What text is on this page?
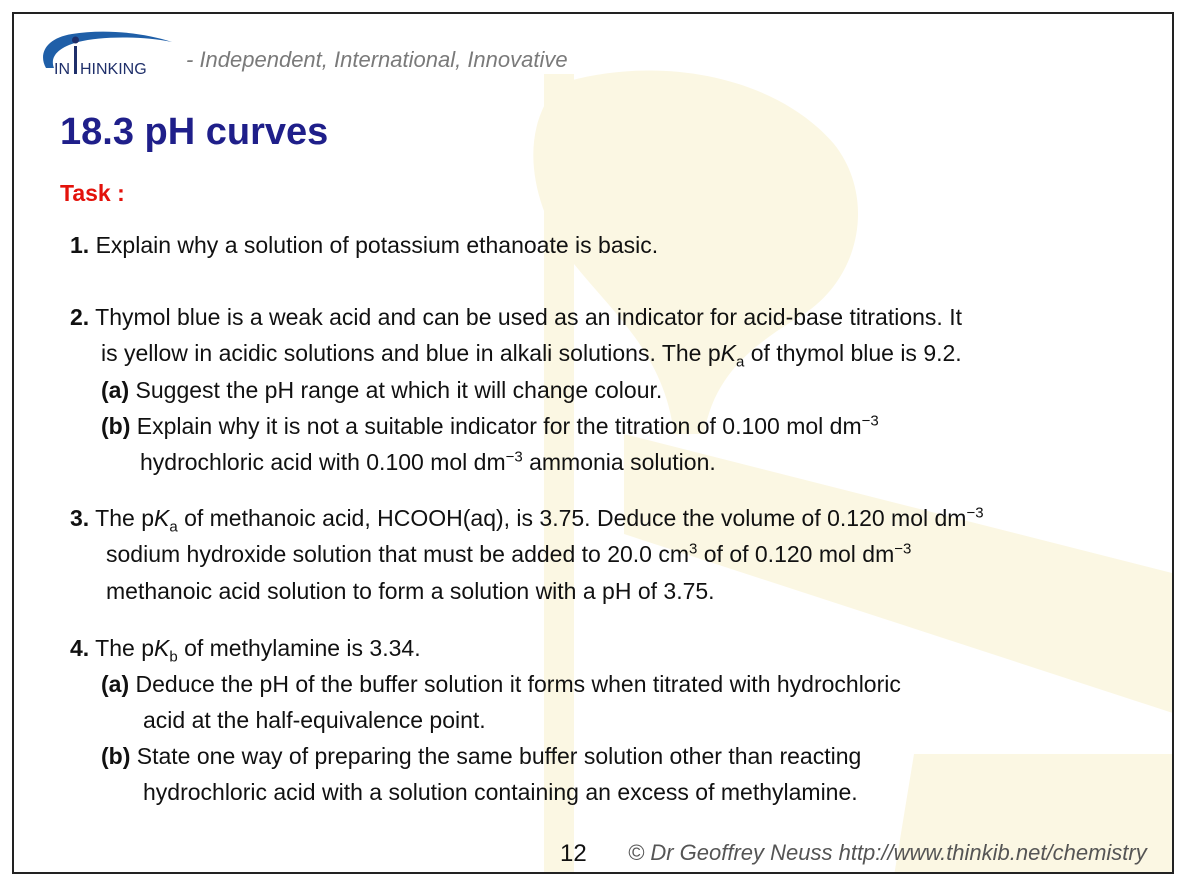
IN HINKING - Independent, International, Innovative
18.3 pH curves
Task :
1. Explain why a solution of potassium ethanoate is basic.
2. Thymol blue is a weak acid and can be used as an indicator for acid-base titrations. It
is yellow in acidic solutions and blue in alkali solutions. The $pK_a$ of thymol blue is 9.2.
(a) Suggest the pH range at which it will change colour.
(b) Explain why it is not a suitable indicator for the titration of 0.100 mol $dm^{-3}$
hydrochloric acid with 0.100 mol $dm^{-3}$ ammonia solution.
3. The $pK_a$ of methanoic acid, HCOOH(aq), is 3.75. Deduce the volume of 0.120 mol $dm^{-3}$
sodium hydroxide solution that must be added to 20.0 $cm^3$ of of 0.120 mol $dm^{-3}$
methanoic acid solution to form a solution with a pH of 3.75.
4. The $pK_b$ of methylamine is 3.34.
(a) Deduce the pH of the buffer solution it forms when titrated with hydrochloric
acid at the half-equivalence point.
(b) State one way of preparing the same buffer solution other than reacting
hydrochloric acid with a solution containing an excess of methylamine.
12 © Dr Geoffrey Neuss http://www.thinkib.net/chemistry
